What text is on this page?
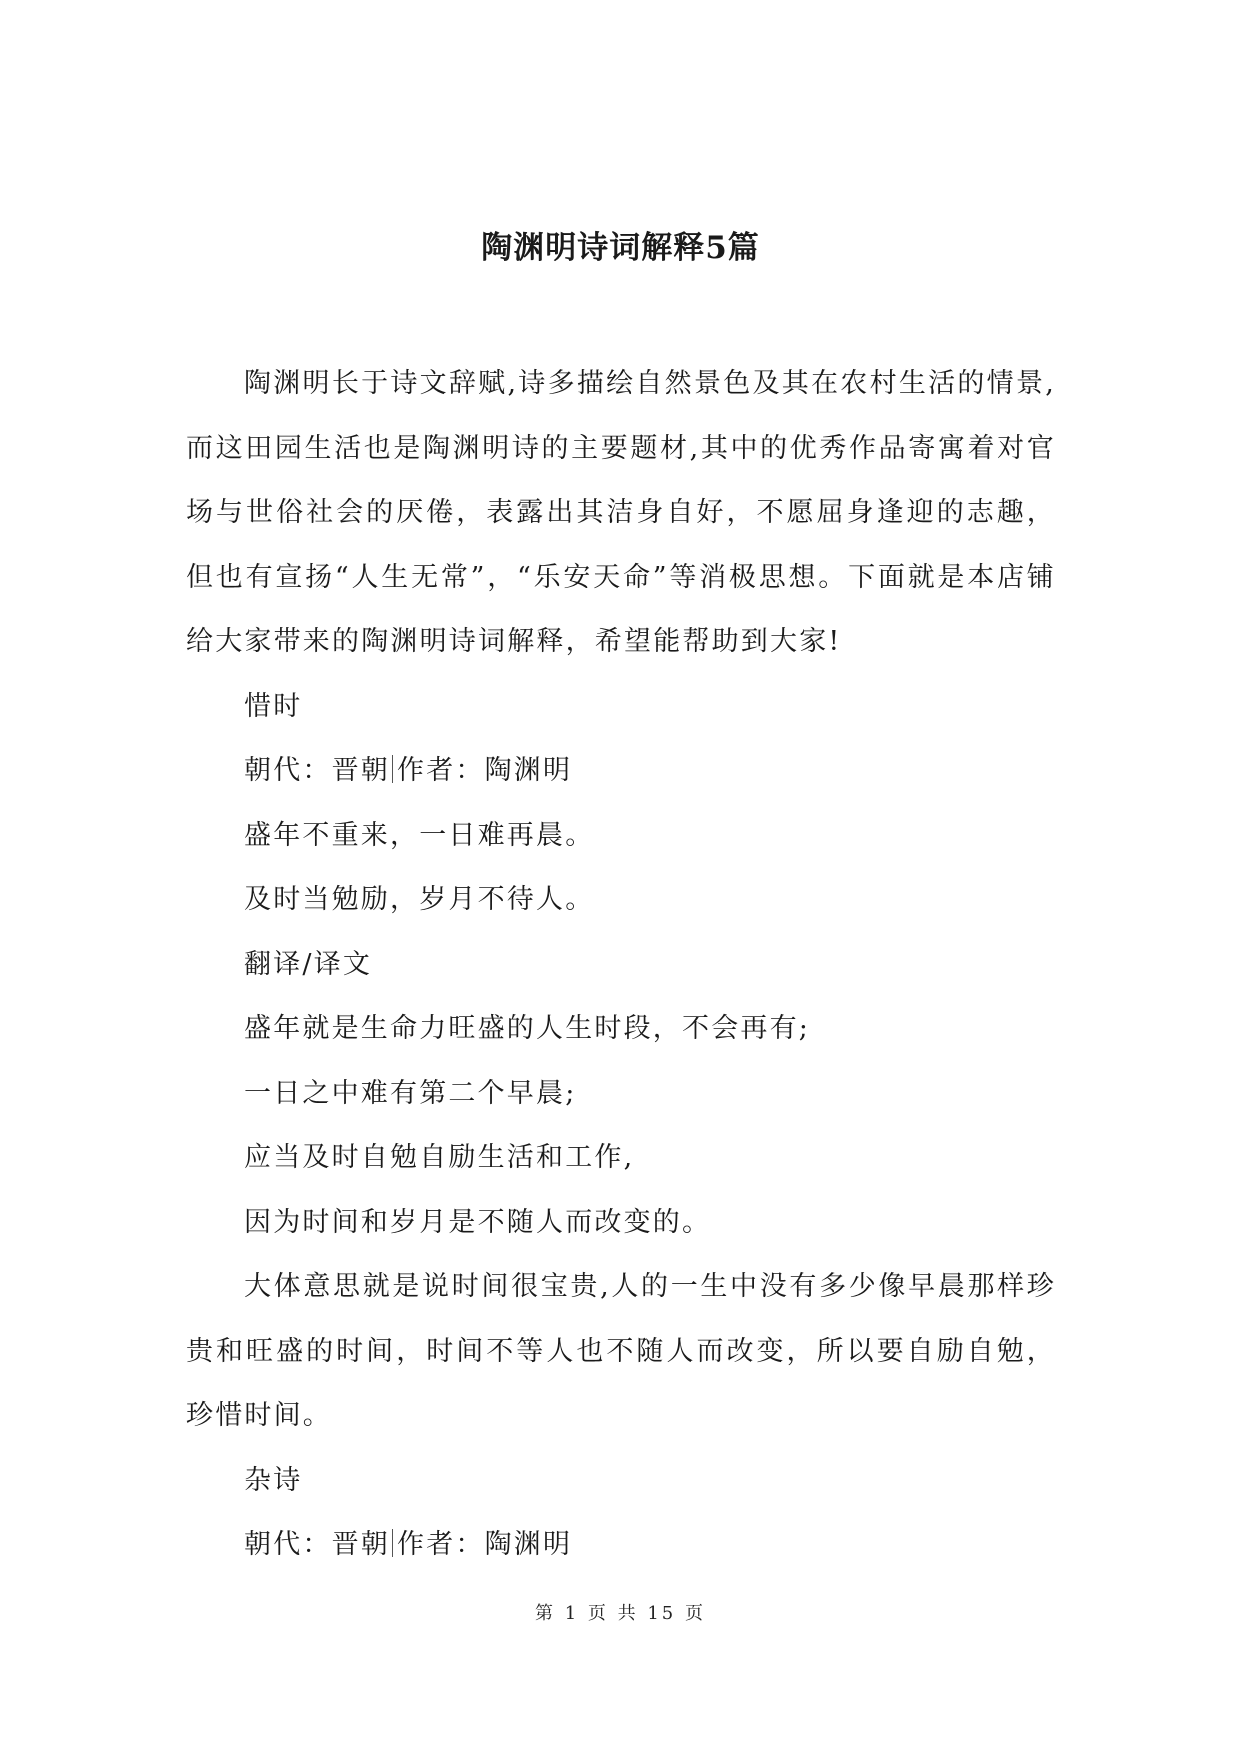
陶渊明诗词解释5篇

陶渊明长于诗文辞赋,诗多描绘自然景色及其在农村生活的情景,而这田园生活也是陶渊明诗的主要题材,其中的优秀作品寄寓着对官场与世俗社会的厌倦，表露出其洁身自好，不愿屈身逢迎的志趣，但也有宣扬“人生无常”，“乐安天命”等消极思想。下面就是本店铺给大家带来的陶渊明诗词解释，希望能帮助到大家!

惜时

朝代：晋朝 作者：陶渊明

盛年不重来，一日难再晨。

及时当勉励，岁月不待人。

翻译/译文

盛年就是生命力旺盛的人生时段，不会再有;

一日之中难有第二个早晨;

应当及时自勉自励生活和工作,

因为时间和岁月是不随人而改变的。

大体意思就是说时间很宝贵,人的一生中没有多少像早晨那样珍贵和旺盛的时间，时间不等人也不随人而改变，所以要自励自勉，珍惜时间。

杂诗

朝代：晋朝 作者：陶渊明

第 1 页 共 15 页
